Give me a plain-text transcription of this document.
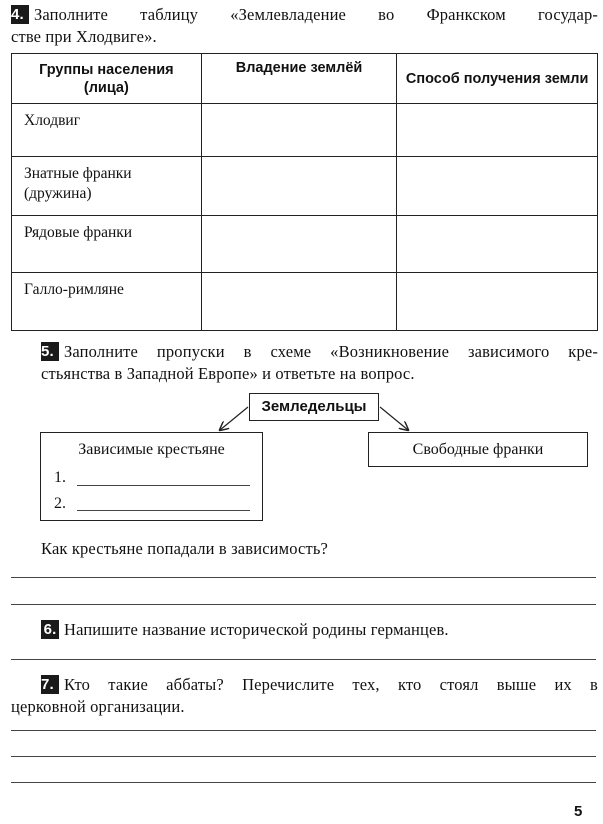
4. Заполните таблицу «Землевладение во Франкском государ-
стве при Хлодвиге».
Группы населения (лица)	Владение землёй	Способ получения земли
Хлодвиг		
Знатные франки (дружина)		
Рядовые франки		
Галло-римляне		
5. Заполните пропуски в схеме «Возникновение зависимого кре-
стьянства в Западной Европе» и ответьте на вопрос.
Земледельцы
Зависимые крестьяне
1.
2.
Свободные франки
Как крестьяне попадали в зависимость?
6. Напишите название исторической родины германцев.
7. Кто такие аббаты? Перечислите тех, кто стоял выше их в
церковной организации.
5
